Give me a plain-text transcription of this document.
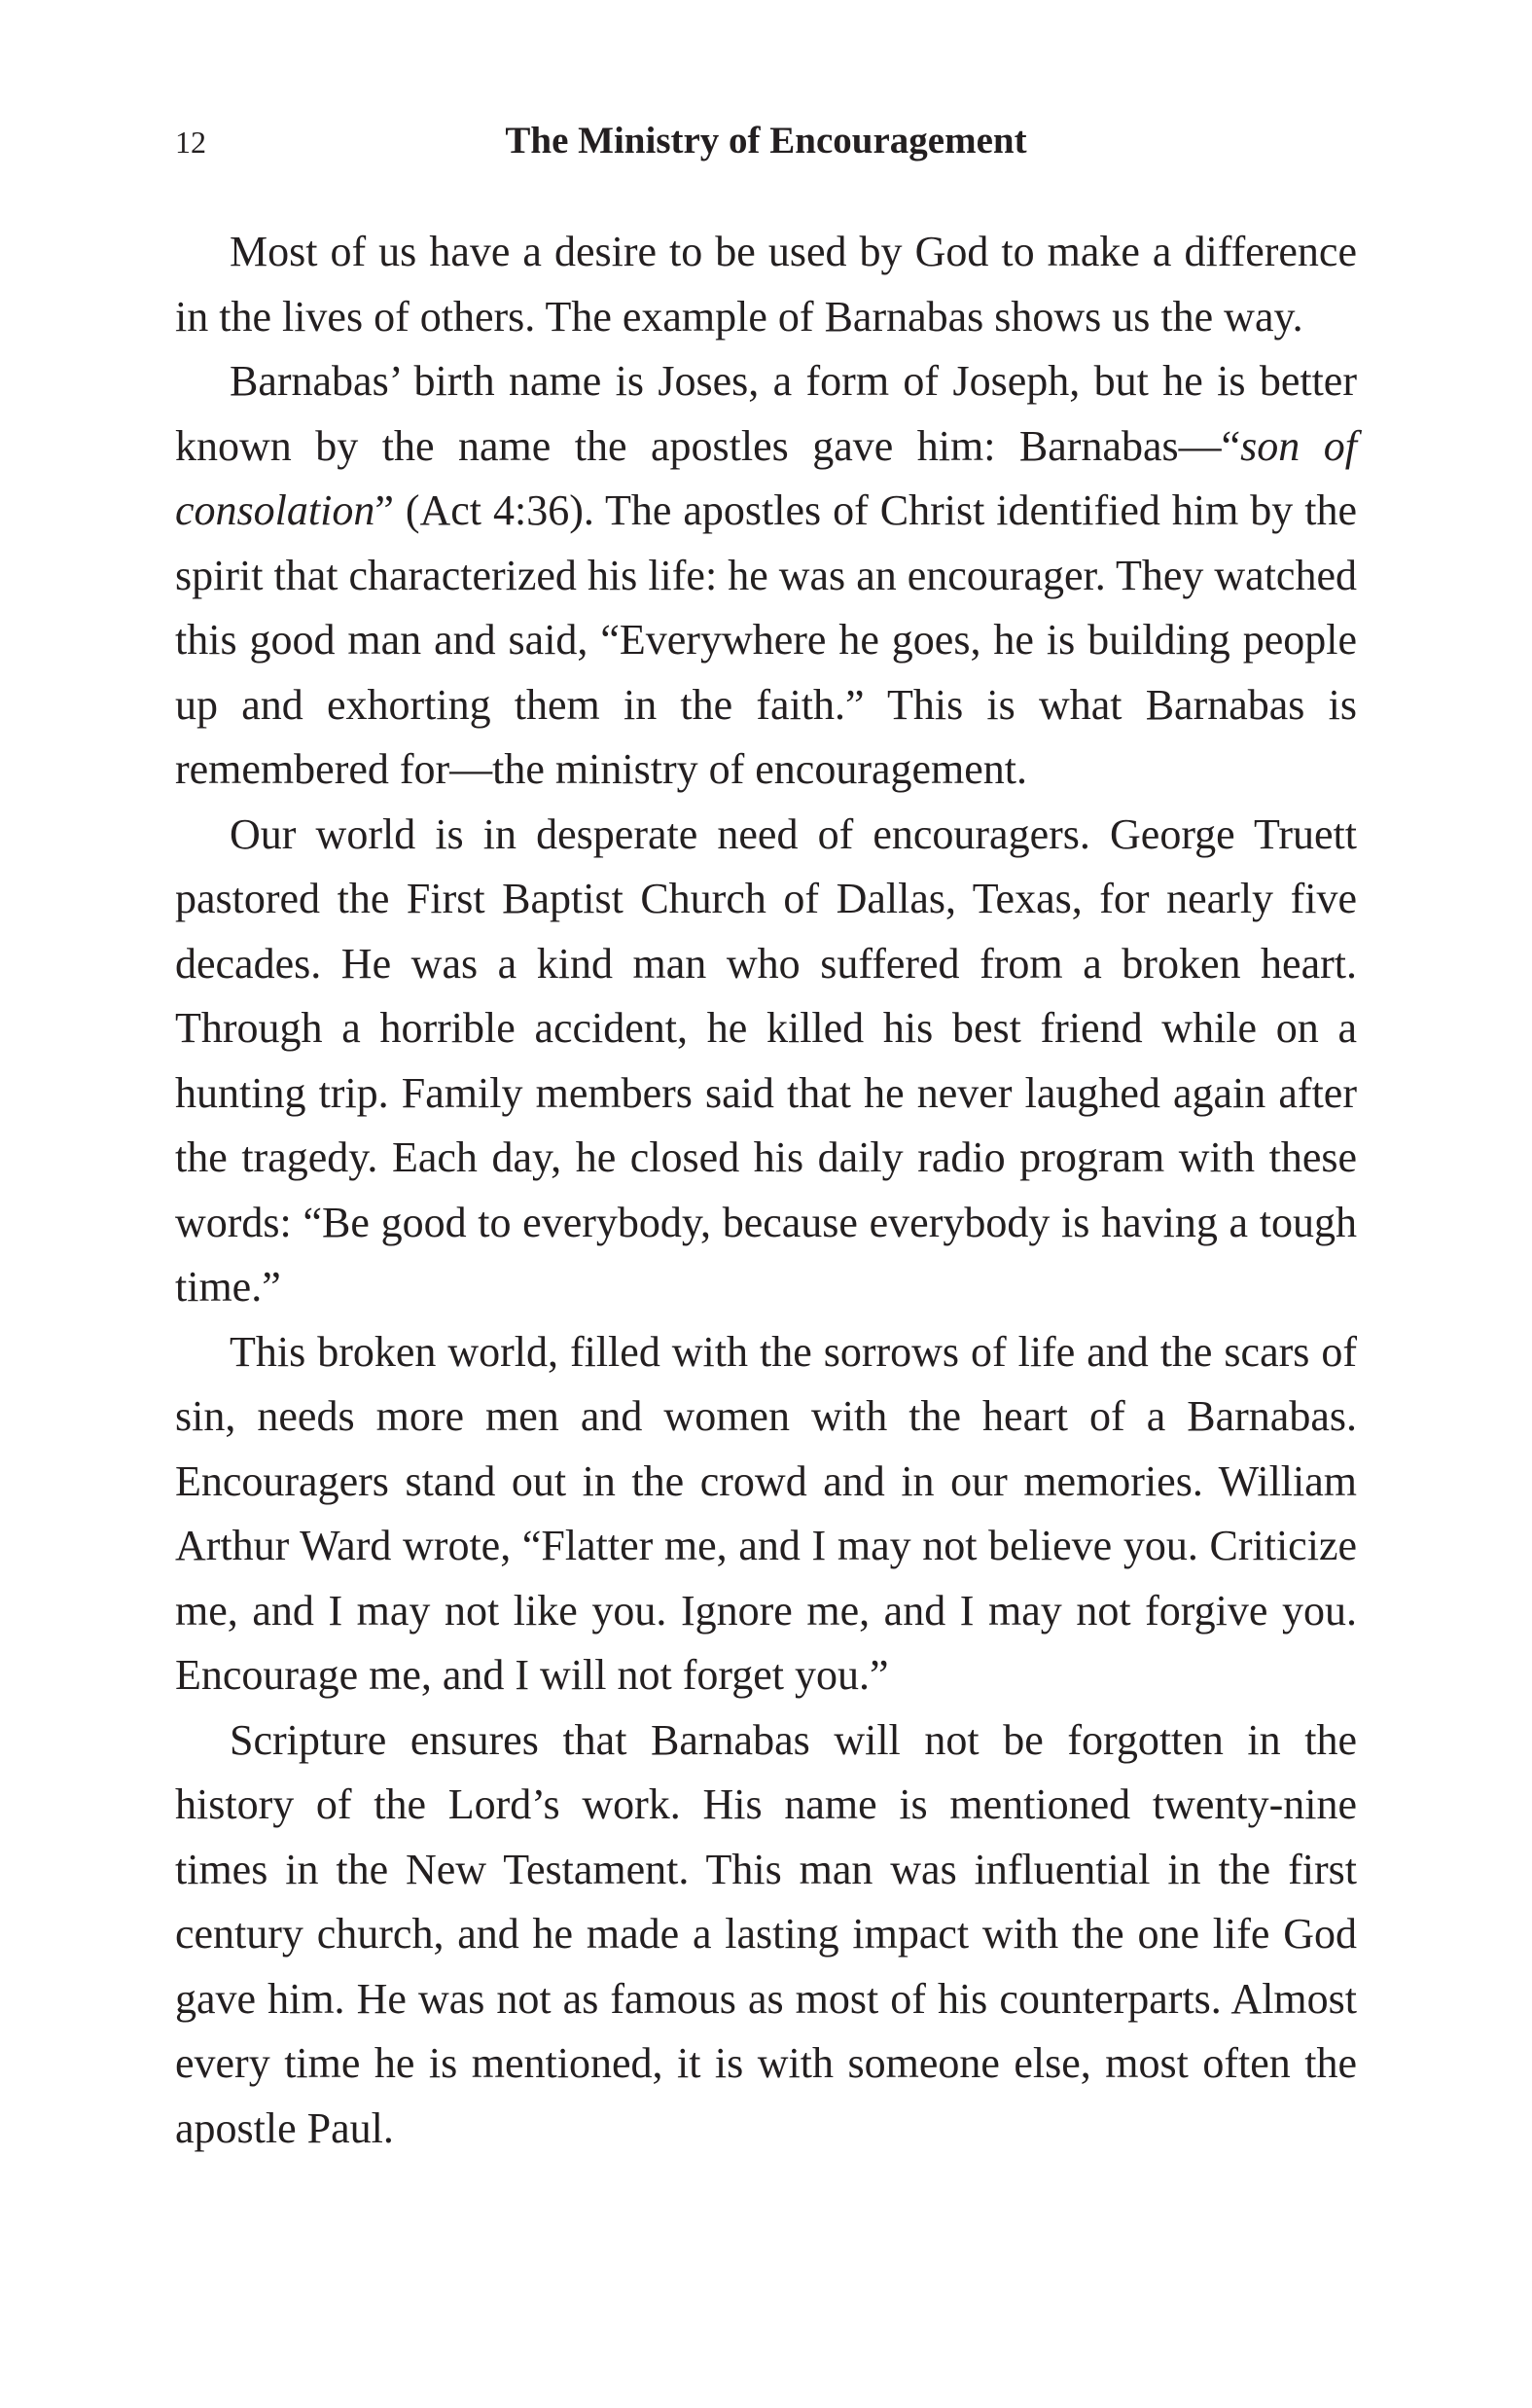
12	The Ministry of Encouragement

Most of us have a desire to be used by God to make a difference in the lives of others. The example of Barnabas shows us the way.

Barnabas’ birth name is Joses, a form of Joseph, but he is better known by the name the apostles gave him: Barnabas—“son of consolation” (Act 4:36). The apostles of Christ identified him by the spirit that characterized his life: he was an encourager. They watched this good man and said, “Everywhere he goes, he is building people up and exhorting them in the faith.” This is what Barnabas is remembered for—the ministry of encouragement.

Our world is in desperate need of encouragers. George Truett pastored the First Baptist Church of Dallas, Texas, for nearly five decades. He was a kind man who suffered from a broken heart. Through a horrible accident, he killed his best friend while on a hunting trip. Family members said that he never laughed again after the tragedy. Each day, he closed his daily radio program with these words: “Be good to everybody, because everybody is having a tough time.”

This broken world, filled with the sorrows of life and the scars of sin, needs more men and women with the heart of a Barnabas. Encouragers stand out in the crowd and in our memories. William Arthur Ward wrote, “Flatter me, and I may not believe you. Criticize me, and I may not like you. Ignore me, and I may not forgive you. Encourage me, and I will not forget you.”

Scripture ensures that Barnabas will not be forgotten in the history of the Lord’s work. His name is mentioned twenty-nine times in the New Testament. This man was influential in the first century church, and he made a lasting impact with the one life God gave him. He was not as famous as most of his counterparts. Almost every time he is mentioned, it is with someone else, most often the apostle Paul.
